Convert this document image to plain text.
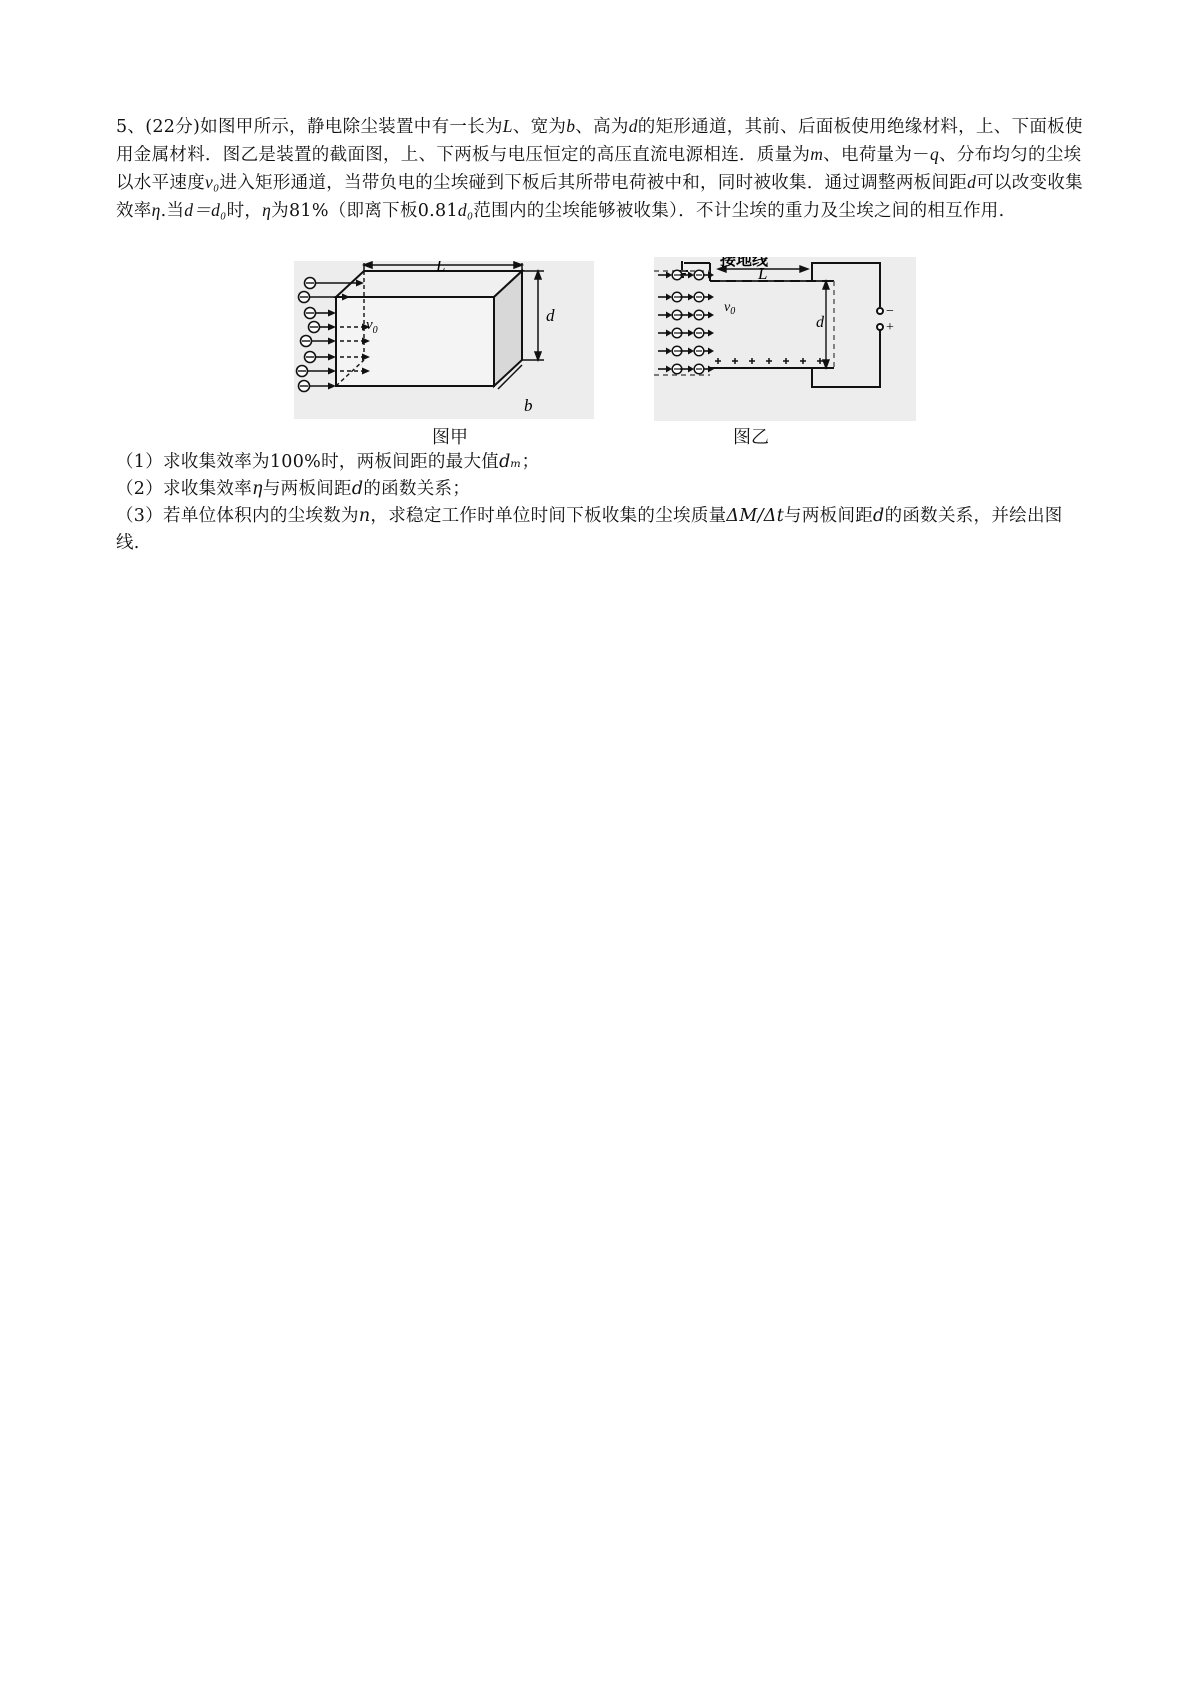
5、(22分)如图甲所示，静电除尘装置中有一长为L、宽为b、高为d的矩形通道，其前、后面板使用绝缘材料，上、下面板使用金属材料．图乙是装置的截面图，上、下两板与电压恒定的高压直流电源相连．质量为m、电荷量为－q、分布均匀的尘埃以水平速度v₀进入矩形通道，当带负电的尘埃碰到下板后其所带电荷被中和，同时被收集．通过调整两板间距d可以改变收集效率η.当d＝d₀时，η为81%（即离下板0.81d₀范围内的尘埃能够被收集）．不计尘埃的重力及尘埃之间的相互作用.
L
d
b
$v_0$
图甲
接地线
L
d
$v_0$	−
+
图乙
（1）求收集效率为100%时，两板间距的最大值dₘ；
（2）求收集效率η与两板间距d的函数关系；
（3）若单位体积内的尘埃数为n，求稳定工作时单位时间下板收集的尘埃质量ΔM/Δt与两板间距d的函数关系，并绘出图线.
